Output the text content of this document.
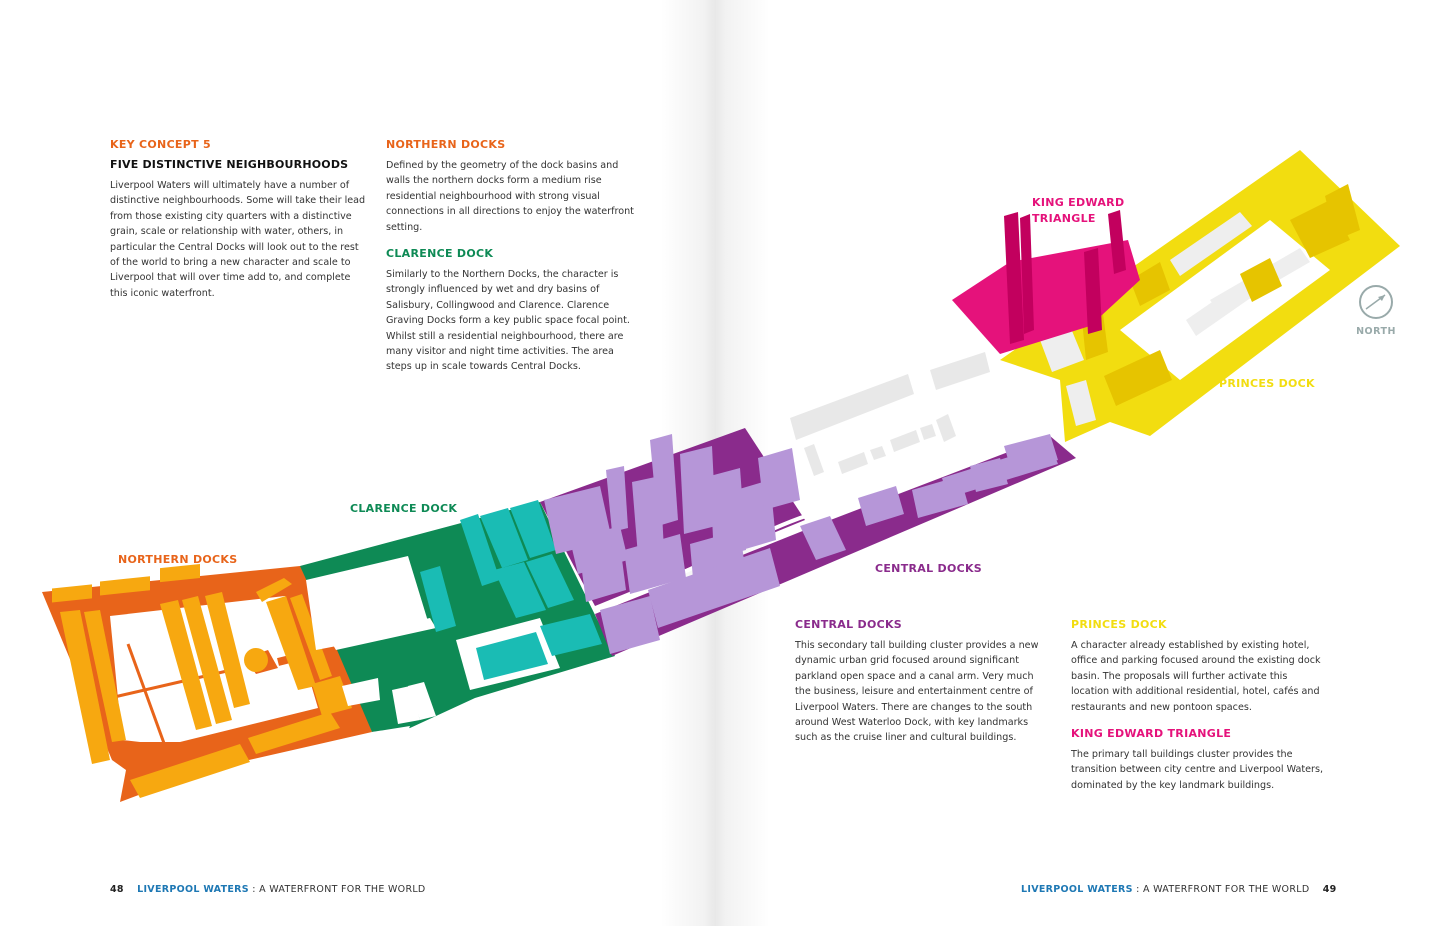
NORTHERN DOCKS
CLARENCE DOCK
CENTRAL DOCKS
PRINCES DOCK
KING EDWARD
TRIANGLE
NORTH
KEY CONCEPT 5
FIVE DISTINCTIVE NEIGHBOURHOODS

Liverpool Waters will ultimately have a number of distinctive neighbourhoods. Some will take their lead from those existing city quarters with a distinctive grain, scale or relationship with water, others, in particular the Central Docks will look out to the rest of the world to bring a new character and scale to Liverpool that will over time add to, and complete this iconic waterfront.

NORTHERN DOCKS

Defined by the geometry of the dock basins and walls the northern docks form a medium rise residential neighbourhood with strong visual connections in all directions to enjoy the waterfront setting.

CLARENCE DOCK

Similarly to the Northern Docks, the character is strongly influenced by wet and dry basins of Salisbury, Collingwood and Clarence. Clarence Graving Docks form a key public space focal point. Whilst still a residential neighbourhood, there are many visitor and night time activities. The area steps up in scale towards Central Docks.

CENTRAL DOCKS

This secondary tall building cluster provides a new dynamic urban grid focused around significant parkland open space and a canal arm. Very much the business, leisure and entertainment centre of Liverpool Waters. There are changes to the south around West Waterloo Dock, with key landmarks such as the cruise liner and cultural buildings.

PRINCES DOCK

A character already established by existing hotel, office and parking focused around the existing dock basin. The proposals will further activate this location with additional residential, hotel, cafés and restaurants and new pontoon spaces.

KING EDWARD TRIANGLE

The primary tall buildings cluster provides the transition between city centre and Liverpool Waters, dominated by the key landmark buildings.

48 LIVERPOOL WATERS : A WATERFRONT FOR THE WORLD	LIVERPOOL WATERS : A WATERFRONT FOR THE WORLD 49
